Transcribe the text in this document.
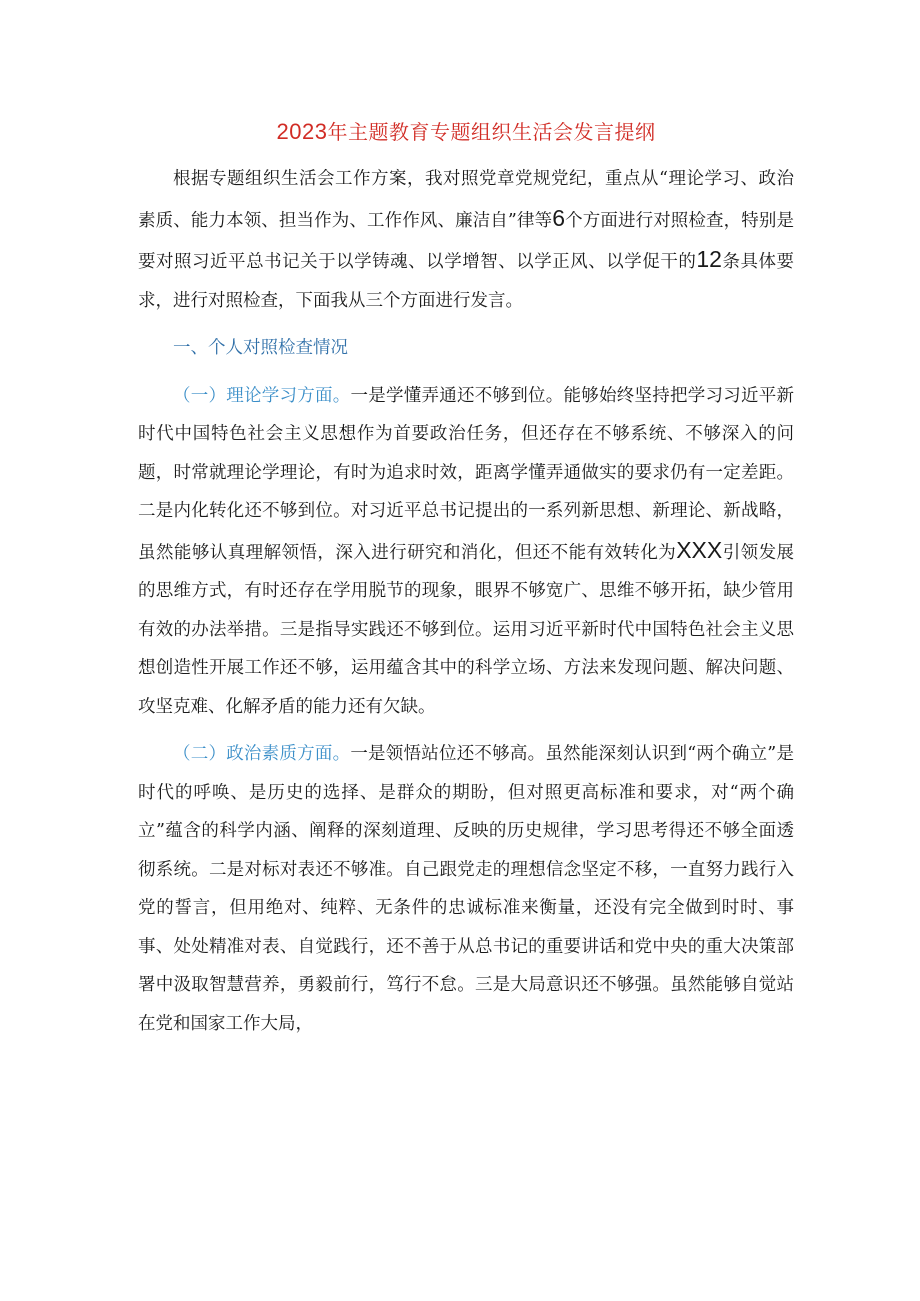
2023年主题教育专题组织生活会发言提纲

根据专题组织生活会工作方案，我对照党章党规党纪，重点从“理论学习、政治素质、能力本领、担当作为、工作作风、廉洁自”律等6个方面进行对照检查，特别是要对照习近平总书记关于以学铸魂、以学增智、以学正风、以学促干的12条具体要求，进行对照检查，下面我从三个方面进行发言。

一、个人对照检查情况

（一）理论学习方面。一是学懂弄通还不够到位。能够始终坚持把学习习近平新时代中国特色社会主义思想作为首要政治任务，但还存在不够系统、不够深入的问题，时常就理论学理论，有时为追求时效，距离学懂弄通做实的要求仍有一定差距。二是内化转化还不够到位。对习近平总书记提出的一系列新思想、新理论、新战略，虽然能够认真理解领悟，深入进行研究和消化，但还不能有效转化为XXX引领发展的思维方式，有时还存在学用脱节的现象，眼界不够宽广、思维不够开拓，缺少管用有效的办法举措。三是指导实践还不够到位。运用习近平新时代中国特色社会主义思想创造性开展工作还不够，运用蕴含其中的科学立场、方法来发现问题、解决问题、攻坚克难、化解矛盾的能力还有欠缺。

（二）政治素质方面。一是领悟站位还不够高。虽然能深刻认识到“两个确立”是时代的呼唤、是历史的选择、是群众的期盼，但对照更高标准和要求，对“两个确立”蕴含的科学内涵、阐释的深刻道理、反映的历史规律，学习思考得还不够全面透彻系统。二是对标对表还不够准。自己跟党走的理想信念坚定不移，一直努力践行入党的誓言，但用绝对、纯粹、无条件的忠诚标准来衡量，还没有完全做到时时、事事、处处精准对表、自觉践行，还不善于从总书记的重要讲话和党中央的重大决策部署中汲取智慧营养，勇毅前行，笃行不怠。三是大局意识还不够强。虽然能够自觉站在党和国家工作大局，
